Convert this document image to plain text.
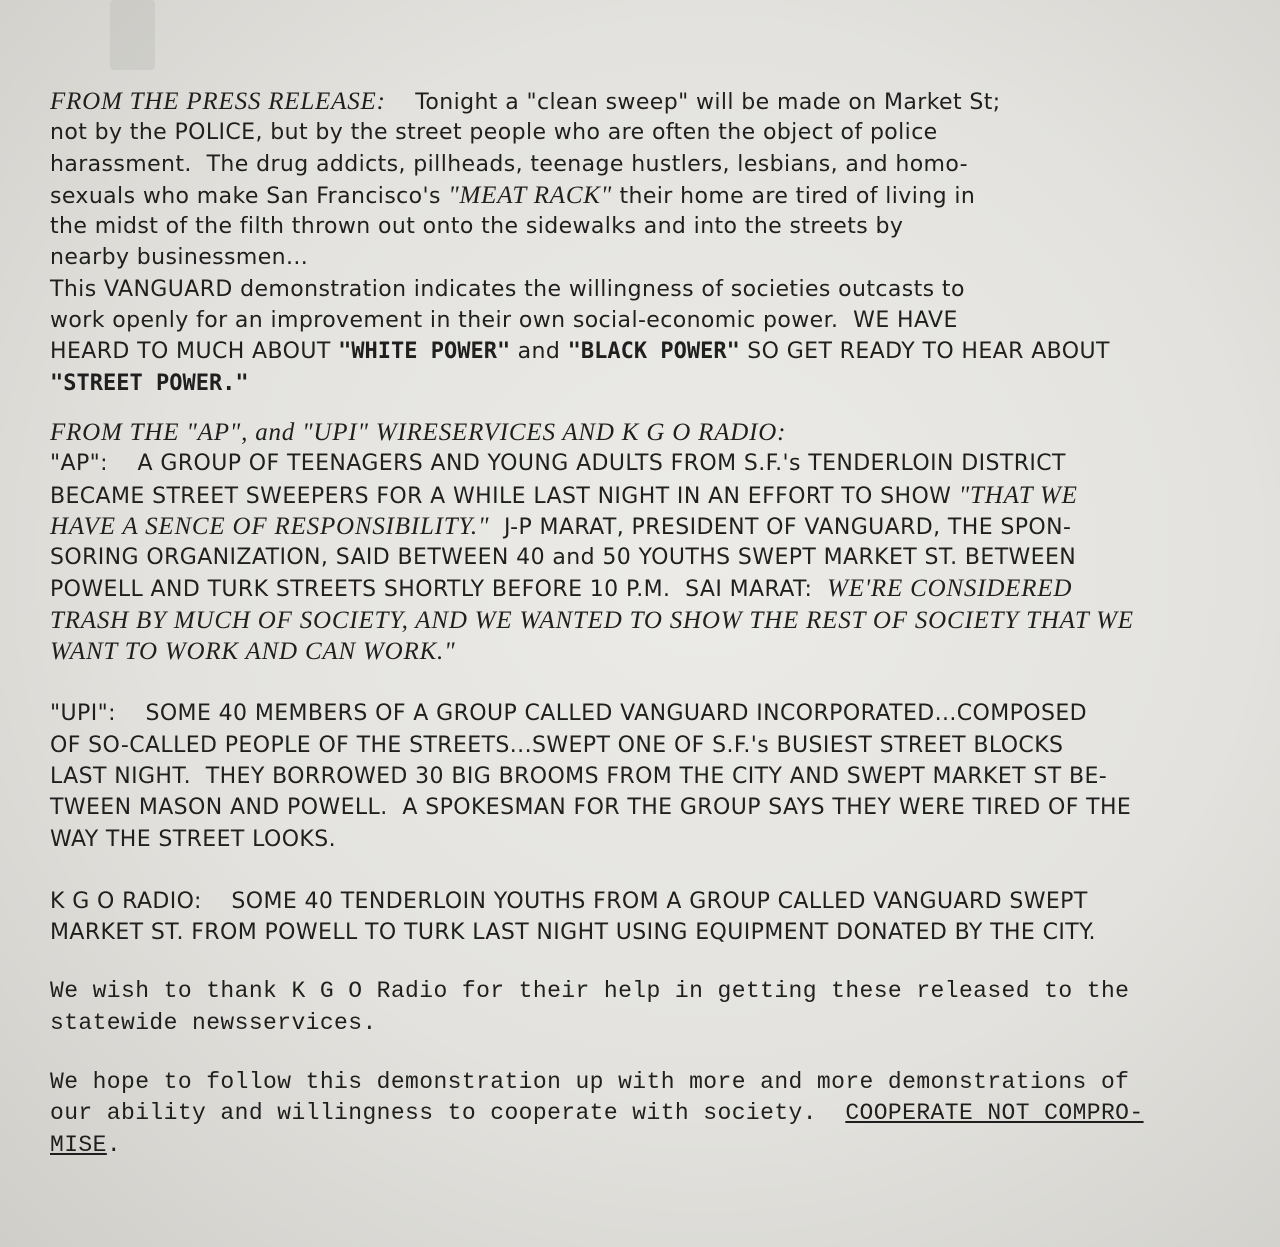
FROM THE PRESS RELEASE:    Tonight a "clean sweep" will be made on Market St;
not by the POLICE, but by the street people who are often the object of police
harassment.  The drug addicts, pillheads, teenage hustlers, lesbians, and homo-
sexuals who make San Francisco's "MEAT RACK" their home are tired of living in
the midst of the filth thrown out onto the sidewalks and into the streets by
nearby businessmen...
This VANGUARD demonstration indicates the willingness of societies outcasts to
work openly for an improvement in their own social-economic power.  WE HAVE
HEARD TO MUCH ABOUT "WHITE POWER" and "BLACK POWER" SO GET READY TO HEAR ABOUT
"STREET POWER."
FROM THE "AP", and "UPI" WIRESERVICES AND K G O RADIO:
"AP":    A GROUP OF TEENAGERS AND YOUNG ADULTS FROM S.F.'s TENDERLOIN DISTRICT
BECAME STREET SWEEPERS FOR A WHILE LAST NIGHT IN AN EFFORT TO SHOW "THAT WE
HAVE A SENCE OF RESPONSIBILITY."  J-P MARAT, PRESIDENT OF VANGUARD, THE SPON-
SORING ORGANIZATION, SAID BETWEEN 40 and 50 YOUTHS SWEPT MARKET ST. BETWEEN
POWELL AND TURK STREETS SHORTLY BEFORE 10 P.M.  SAI MARAT:  WE'RE CONSIDERED
TRASH BY MUCH OF SOCIETY, AND WE WANTED TO SHOW THE REST OF SOCIETY THAT WE
WANT TO WORK AND CAN WORK."
"UPI":    SOME 40 MEMBERS OF A GROUP CALLED VANGUARD INCORPORATED...COMPOSED
OF SO-CALLED PEOPLE OF THE STREETS...SWEPT ONE OF S.F.'s BUSIEST STREET BLOCKS
LAST NIGHT.  THEY BORROWED 30 BIG BROOMS FROM THE CITY AND SWEPT MARKET ST BE-
TWEEN MASON AND POWELL.  A SPOKESMAN FOR THE GROUP SAYS THEY WERE TIRED OF THE
WAY THE STREET LOOKS.
K G O RADIO:    SOME 40 TENDERLOIN YOUTHS FROM A GROUP CALLED VANGUARD SWEPT
MARKET ST. FROM POWELL TO TURK LAST NIGHT USING EQUIPMENT DONATED BY THE CITY.
We wish to thank K G O Radio for their help in getting these released to the
statewide newsservices.
We hope to follow this demonstration up with more and more demonstrations of
our ability and willingness to cooperate with society.  COOPERATE NOT COMPRO-
MISE.
